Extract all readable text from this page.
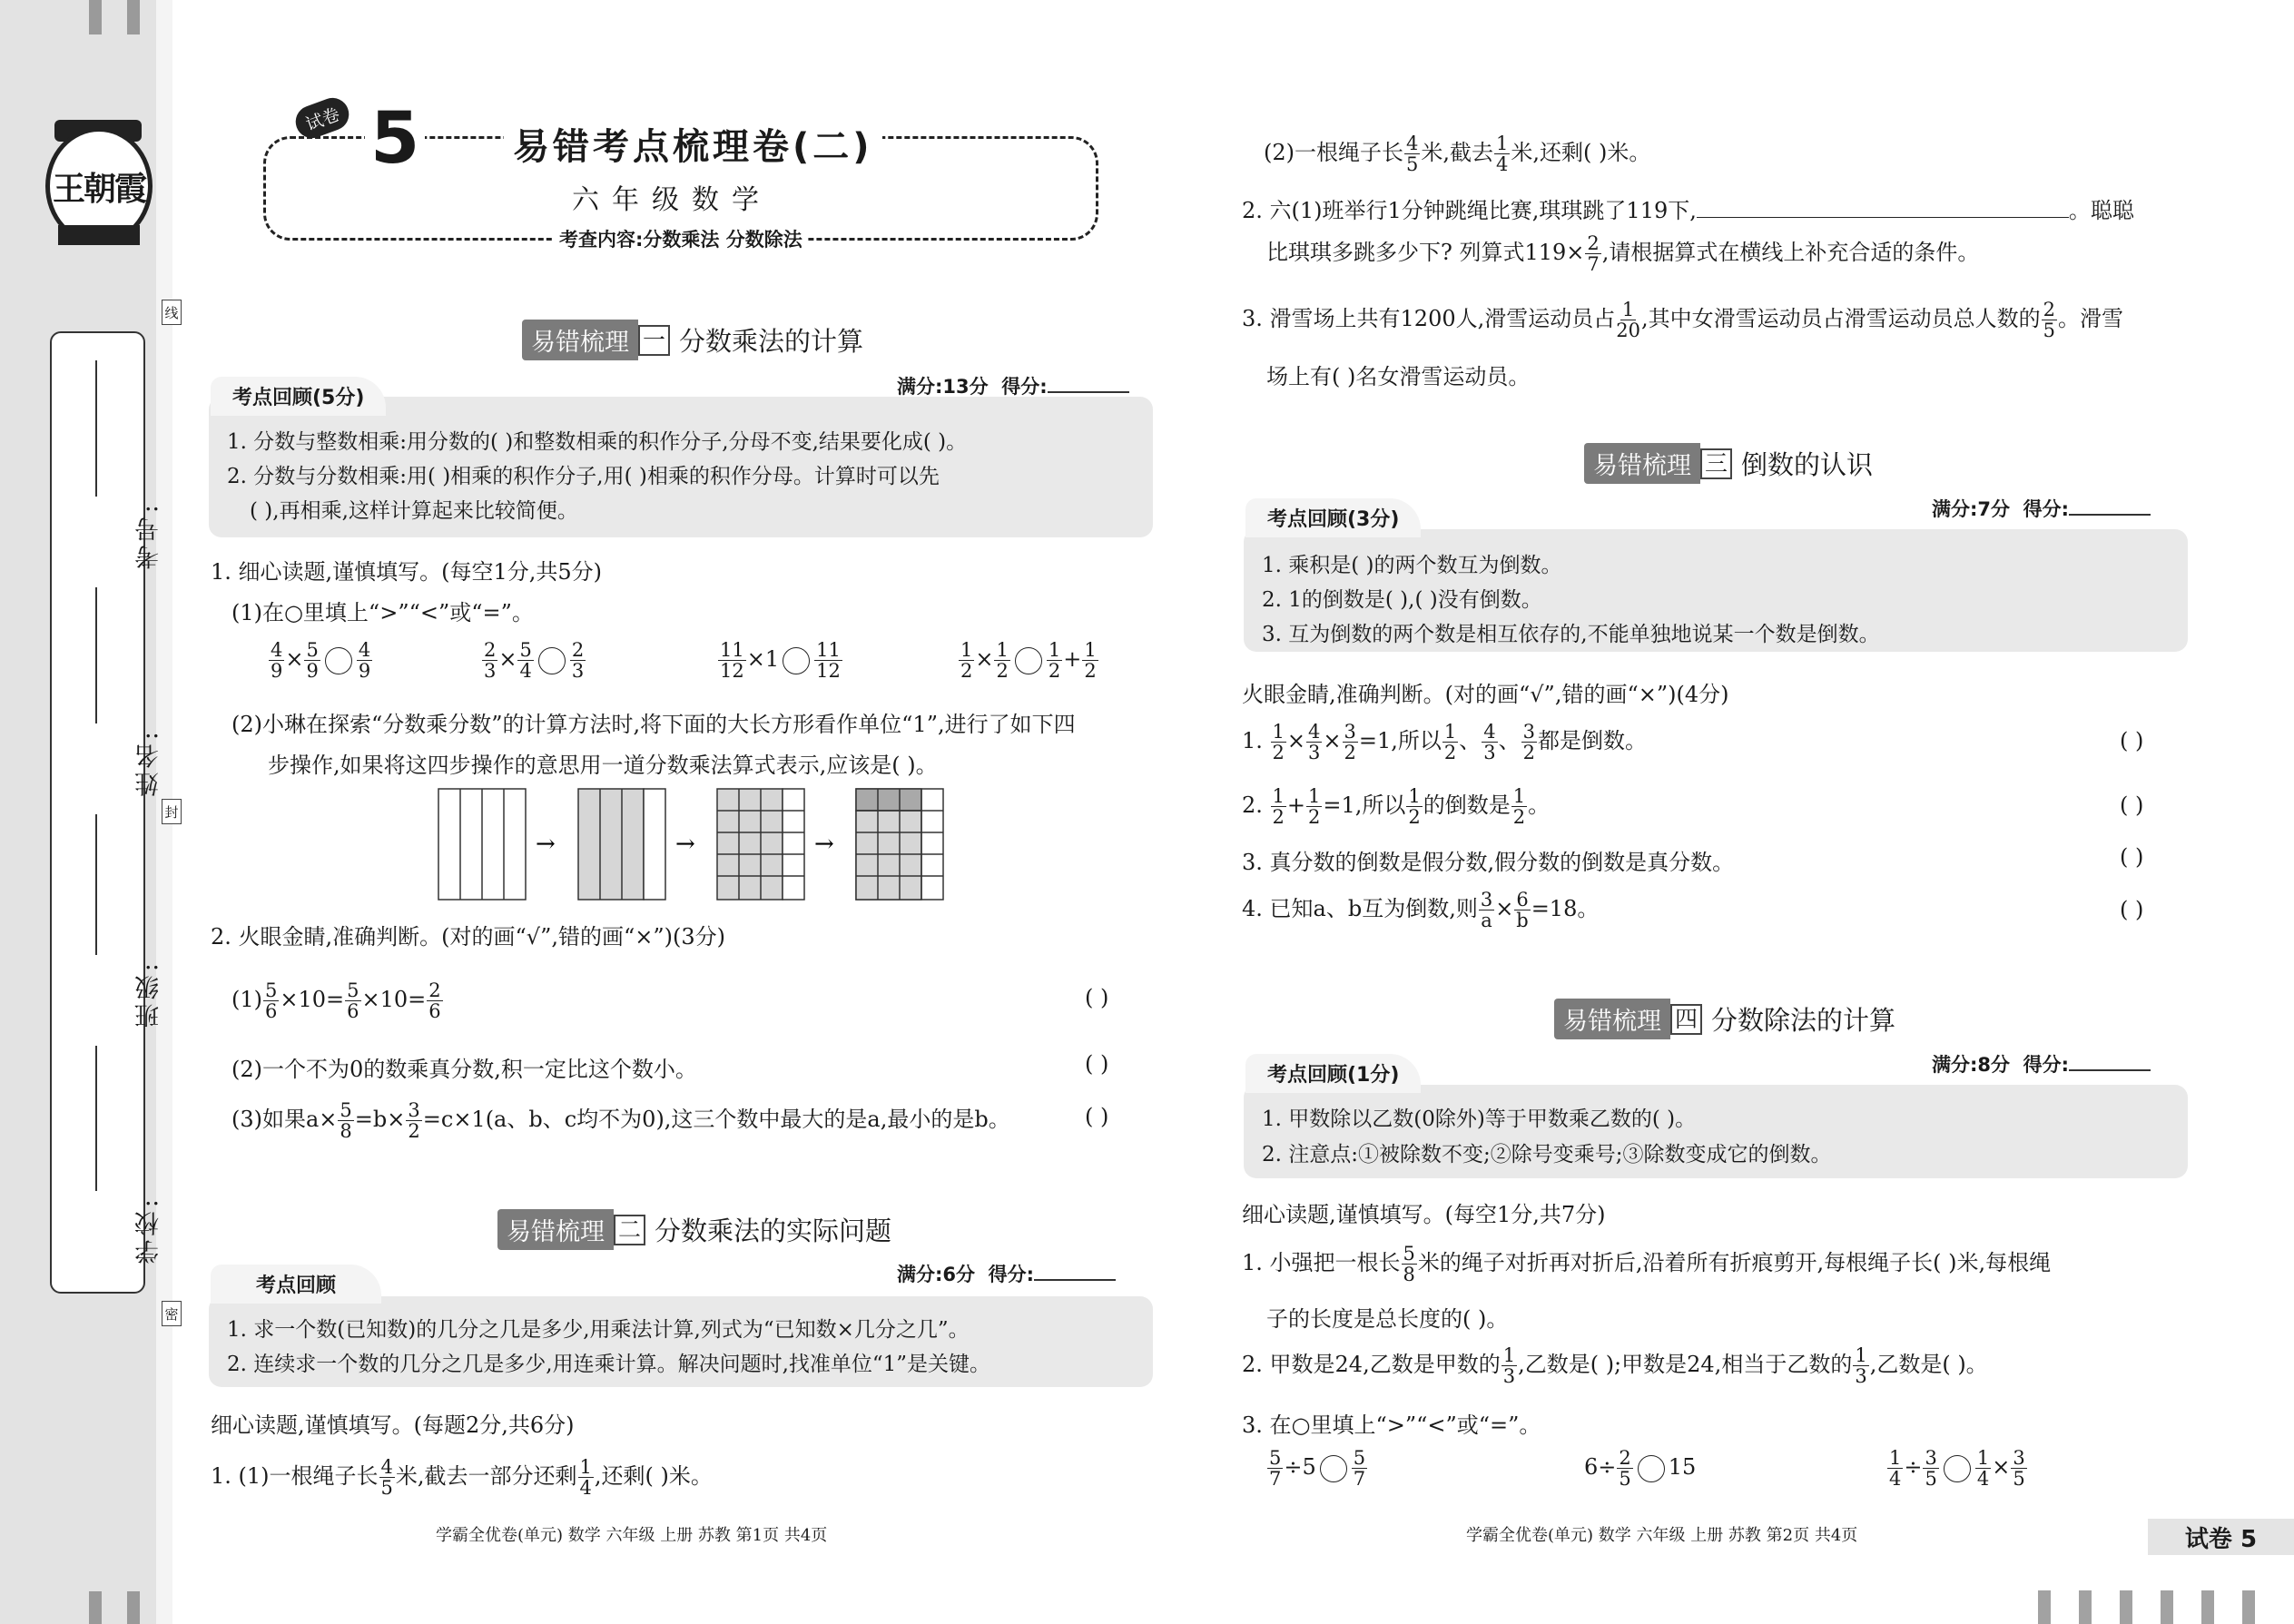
王朝霞
线
封
密
考号:
姓名:
班级:
学校:
试卷 5	易错考点梳理卷(二)
六年级数学
考查内容:分数乘法 分数除法
易错梳理 一 分数乘法的计算
考点回顾(5分)	满分:13分 得分:
1. 分数与整数相乘:用分数的( )和整数相乘的积作分子,分母不变,结果要化成( )。
2. 分数与分数相乘:用( )相乘的积作分子,用( )相乘的积作分母。计算时可以先
( ),再相乘,这样计算起来比较简便。
1. 细心读题,谨慎填写。(每空1分,共5分)
(1)在○里填上“>”“<”或“=”。
$\frac{4}{9} \times \frac{5}{9} \frac{4}{9}$	$\frac{2}{3} \times \frac{5}{4} \frac{2}{3}$	$\frac{11}{12} \times 1 \frac{11}{12}$	$\frac{1}{2} \times \frac{1}{2} \frac{1}{2} + \frac{1}{2}$
(2)小琳在探索“分数乘分数”的计算方法时,将下面的大长方形看作单位“1”,进行了如下四
步操作,如果将这四步操作的意思用一道分数乘法算式表示,应该是( )。
→	→	→
2. 火眼金睛,准确判断。(对的画“√”,错的画“×”)(3分)
$(1) \frac{5}{6} \times 10= \frac{5}{6} \times 10= \frac{2}{6}$	( )
(2)一个不为0的数乘真分数,积一定比这个数小。	( )
(3)如果$a\times \frac{5}{8} =b\times \frac{3}{2} =c\times 1(a$、b、c均不为0),这三个数中最大的是a,最小的是b。	( )
易错梳理 二 分数乘法的实际问题
考点回顾	满分:6分 得分:
1. 求一个数(已知数)的几分之几是多少,用乘法计算,列式为“已知数×几分之几”。
2. 连续求一个数的几分之几是多少,用连乘计算。解决问题时,找准单位“1”是关键。
细心读题,谨慎填写。(每题2分,共6分)
1. (1)一根绳子长 $\frac{4}{5}$ 米,截去一部分还剩 $\frac{1}{4}$ ,还剩( )米。
学霸全优卷(单元) 数学 六年级 上册 苏教 第1页 共4页
(2)一根绳子长 $\frac{4}{5}$ 米,截去 $\frac{1}{4}$ 米,还剩( )米。
2. 六(1)班举行1分钟跳绳比赛,琪琪跳了119下,	。聪聪
比琪琪多跳多少下? 列算式$119\times \frac{2}{7}$ ,请根据算式在横线上补充合适的条件。
3. 滑雪场上共有1200人,滑雪运动员占 $\frac{1}{20}$ ,其中女滑雪运动员占滑雪运动员总人数的 $\frac{2}{5}$ 。滑雪
场上有( )名女滑雪运动员。
易错梳理 三 倒数的认识
考点回顾(3分)	满分:7分 得分:
1. 乘积是( )的两个数互为倒数。
2. 1的倒数是( ),( )没有倒数。
3. 互为倒数的两个数是相互依存的,不能单独地说某一个数是倒数。
火眼金睛,准确判断。(对的画“√”,错的画“×”)(4分)
1. $\frac{1}{2} \times \frac{4}{3} \times \frac{3}{2} =1$,所以 $\frac{1}{2}$ 、 $\frac{4}{3}$ 、 $\frac{3}{2}$ 都是倒数。	( )
2. $\frac{1}{2} + \frac{1}{2} =1$,所以 $\frac{1}{2}$ 的倒数是 $\frac{1}{2}$ 。	( )
3. 真分数的倒数是假分数,假分数的倒数是真分数。	( )
4. 已知a、b互为倒数,则 $\frac{3}{a} \times \frac{6}{b} =18$。	( )
易错梳理 四 分数除法的计算
考点回顾(1分)	满分:8分 得分:
1. 甲数除以乙数(0除外)等于甲数乘乙数的( )。
2. 注意点:①被除数不变;②除号变乘号;③除数变成它的倒数。
细心读题,谨慎填写。(每空1分,共7分)
1. 小强把一根长 $\frac{5}{8}$ 米的绳子对折再对折后,沿着所有折痕剪开,每根绳子长( )米,每根绳
子的长度是总长度的( )。
2. 甲数是24,乙数是甲数的 $\frac{1}{3}$ ,乙数是( );甲数是24,相当于乙数的 $\frac{1}{3}$ ,乙数是( )。
3. 在○里填上“>”“<”或“=”。
$\frac{5}{7} \div 5 \frac{5}{7}$	$6\div \frac{2}{5} 15$	$\frac{1}{4} \div \frac{3}{5} \frac{1}{4} \times \frac{3}{5}$
学霸全优卷(单元) 数学 六年级 上册 苏教 第2页 共4页	试卷 5
